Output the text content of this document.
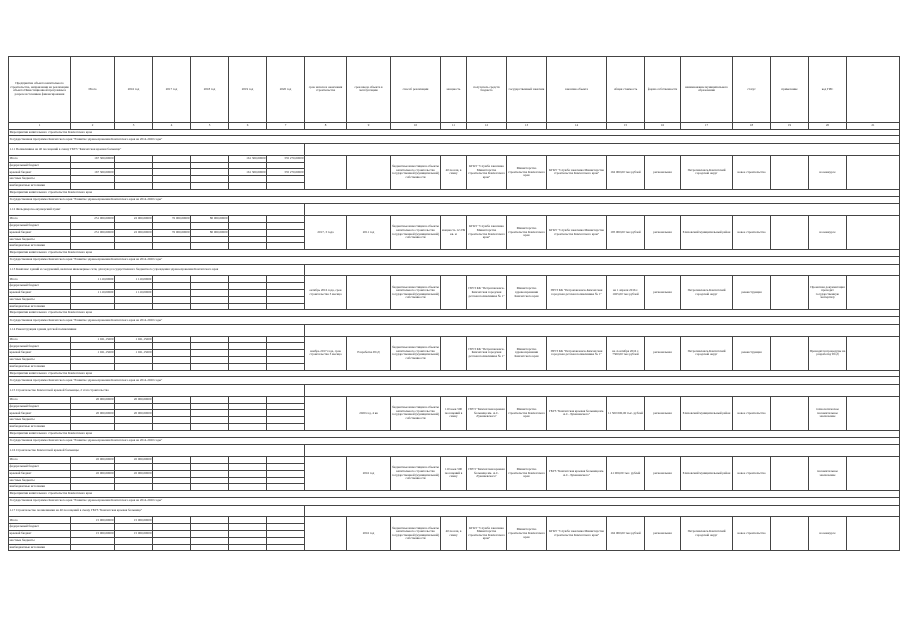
Предприятие объекта капитального строительства, направления на реализацию объекта Инвестиционной программы в разрезе источников финансирования	Итого	2016 год	2017 год	2018 год	2019 год	2020 год	срок начала и окончания строительства	срок ввода объекта в эксплуатацию	способ реализации	мощность	получатель средств бюджета	государственный заказчик	заказчик объекта	общая стоимость	форма собственности	наименование муниципального образования	статус	примечание	код ГИС	
1	2	3	4	5	6	7	8	9	10	11	12	13	14	15	16	17	18	19	20	21
Мероприятия капитального строительства Камчатского края																				
Государственная программа Камчатского края "Развитие здравоохранения Камчатского края на 2014-2020 годы"																				
1.11 Поликлиника на 40 посещений в смену ГБУЗ "Камчатская краевая больница"																				
Итого	167 300,00000				161 300,00000	335 270,00000			бюджетные инвестиции в объекты капитального строительства государственной (муниципальной) собственности	40 посещ. в смену	КГКУ "Служба заказчика Министерства строительства Камчатского края"	Министерство строительства Камчатского края	КГКУ "Служба заказчика Министерства строительства Камчатского края"	162 000,00 тыс.рублей	региональная	Петропавловск-Камчатский городской округ	новое строительство		на конкурсе	
федеральный бюджет																				
краевой бюджет	167 300,00000				161 300,00000	335 270,00000														
местные бюджеты																				
внебюджетные источники																				
Мероприятия капитального строительства Камчатского края																				
Государственная программа Камчатского края "Развитие здравоохранения Камчатского края на 2014-2020 годы"																				
1.12 Фельдшерско-акушерский пункт																				
Итого	251 000,00000	22 000,00000	76 000,00000	80 000,00000			2017, 3 года	2011 год	бюджетные инвестиции в объекты капитального строительства государственной (муниципальной) собственности	мощность 12 239 кв. м	КГКУ "Служба заказчика Министерства строительства Камчатского края"	Министерство строительства Камчатского края	КГКУ "Служба заказчика Министерства строительства Камчатского края"	195 000,00 тыс.рублей	региональная	Елизовский муниципальный район	новое строительство		на конкурсе	
федеральный бюджет																				
краевой бюджет	251 000,00000	22 000,00000	76 000,00000	80 000,00000																
местные бюджеты																				
внебюджетные источники																				
Мероприятия капитального строительства Камчатского края																				
Государственная программа Камчатского края "Развитие здравоохранения Камчатского края на 2014-2020 годы"																				
1.13 Комплекс зданий и сооружений, включая инженерные сети, для нужд государственного бюджетного учреждения здравоохранения Камчатского края																				
Итого	1 110,00000	1 110,00000					октябрь 2016 года, срок строительства 3 месяца		бюджетные инвестиции в объекты капитального строительства государственной (муниципальной) собственности		ГБУЗ КК "Петропавловск-Камчатская городская детская поликлиника № 1"	Министерство здравоохранения Камчатского края	ГБУЗ КК "Петропавловск-Камчатская городская детская поликлиника № 1"	на 1 апреля 2016 г. 1025,00 тыс.рублей	региональная	Петропавловск-Камчатский городской округ	реконструкция		Проектная документация проходит государственную экспертизу	
федеральный бюджет																				
краевой бюджет	1 110,00000	1 110,00000																		
местные бюджеты																				
внебюджетные источники																				
Мероприятия капитального строительства Камчатского края																				
Государственная программа Камчатского края "Развитие здравоохранения Камчатского края на 2014-2020 годы"																				
1.14 Реконструкция здания детской поликлиники																				
Итого	1 021,15000	1 021,15000					ноябрь 2017 года, срок строительства 3 месяца	Разработка ПСД	бюджетные инвестиции в объекты капитального строительства государственной (муниципальной) собственности		ГБУЗ КК "Петропавловск-Камчатская городская детская поликлиника № 1"	Министерство здравоохранения Камчатского края	ГБУЗ КК "Петропавловск-Камчатская городская детская поликлиника № 1"	на 4 октября 2016 г. 7500,00 тыс.рублей	региональная	Петропавловск-Камчатский городской округ	реконструкция		Проводятся процедуры на разработку ПСД	
федеральный бюджет																				
краевой бюджет	1 021,15000	1 021,15000																		
местные бюджеты																				
внебюджетные источники																				
Мероприятия капитального строительства Камчатского края																				
Государственная программа Камчатского края "Развитие здравоохранения Камчатского края на 2014-2020 годы"																				
1.15 Строительство Камчатской краевой больницы, 2 этап строительства																				
Итого	20 000,00000	20 000,00000						2020 год, 4 кв	бюджетные инвестиции в объекты капитального строительства государственной (муниципальной) собственности	110 коек 500 посещений в смену	ГБУЗ "Камчатская краевая больница им. А.С. Лукашевского"	Министерство строительства Камчатского края	ГБУЗ "Камчатская краевая больница им. А.С. Лукашевского"	11 500 000,00 тыс. рублей	региональная	Елизовский муниципальный район	новое строительство		технологическое положительное заключение	
федеральный бюджет																				
краевой бюджет	20 000,00000	20 000,00000																		
местные бюджеты																				
внебюджетные источники																				
Мероприятия капитального строительства Камчатского края																				
Государственная программа Камчатского края "Развитие здравоохранения Камчатского края на 2014-2020 годы"																				
1.16 Строительство Камчатской краевой больницы																				
Итого	45 000,00000	45 000,00000						2016 год	бюджетные инвестиции в объекты капитального строительства государственной (муниципальной) собственности	110 коек 500 посещений в смену	ГБУЗ "Камчатская краевая больница им. А.С. Лукашевского"	Министерство строительства Камчатского края	ГБУЗ "Камчатская краевая больница им. А.С. Лукашевского"	41 000,00 тыс. рублей	региональная	Елизовский муниципальный район	новое строительство		положительное заключение	
федеральный бюджет																				
краевой бюджет	45 000,00000	45 000,00000																		
местные бюджеты																				
внебюджетные источники																				
Мероприятия капитального строительства Камчатского края																				
Государственная программа Камчатского края "Развитие здравоохранения Камчатского края на 2014-2020 годы"																				
1.17 Строительство поликлиники на 40 посещений в смену ГБУЗ "Камчатская краевая больница"																				
Итого	15 000,00000	15 000,00000						2016 год	бюджетные инвестиции в объекты капитального строительства государственной (муниципальной) собственности	40 посещ. в смену	КГКУ "Служба заказчика Министерства строительства Камчатского края"	Министерство строительства Камчатского края	КГКУ "Служба заказчика Министерства строительства Камчатского края"	162 000,00 тыс.рублей	региональная	Петропавловск-Камчатский городской округ	новое строительство		на конкурсе	
федеральный бюджет																				
краевой бюджет	15 000,00000	15 000,00000																		
местные бюджеты																				
внебюджетные источники																				
